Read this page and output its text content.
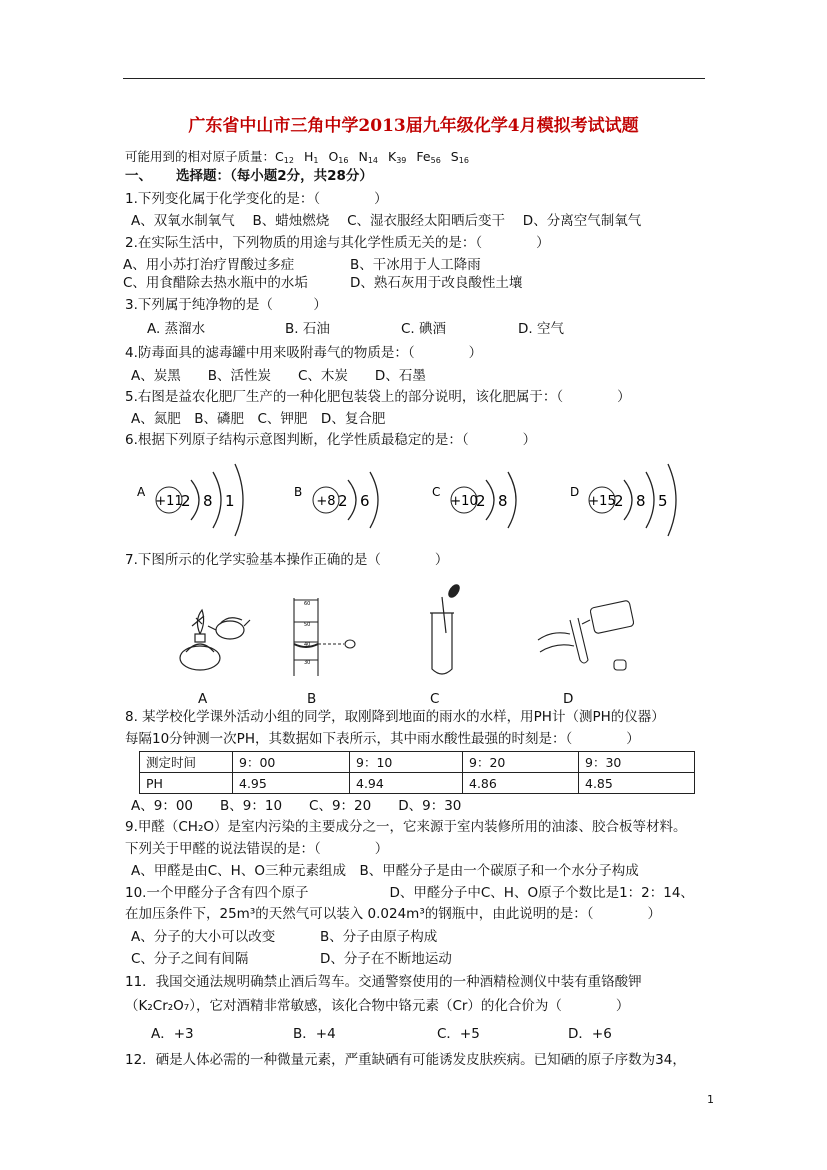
广东省中山市三角中学2013届九年级化学4月模拟考试试题
可能用到的相对原子质量：$C_{12}$ $H_1$ $O_{16}$ $N_{14}$ $K_{39}$ $Fe_{56}$ $S_{16}$
一、 选择题：（每小题2分，共28分）
1.下列变化属于化学变化的是：（　　　　）
A、双氧水制氧气　 B、蜡烛燃烧　 C、湿衣服经太阳晒后变干　 D、分离空气制氧气
2.在实际生活中，下列物质的用途与其化学性质无关的是：（　　　　）
A、用小苏打治疗胃酸过多症	B、干冰用于人工降雨
C、用食醋除去热水瓶中的水垢	D、熟石灰用于改良酸性土壤
3.下列属于纯净物的是（　　　）
A. 蒸溜水	B. 石油	C. 碘酒	D. 空气
4.防毒面具的滤毒罐中用来吸附毒气的物质是：（　　　　）
A、炭黑　　B、活性炭　　C、木炭　　D、石墨
5.右图是益农化肥厂生产的一种化肥包装袋上的部分说明，该化肥属于：（　　　　）
A、氮肥　B、磷肥　C、钾肥　D、复合肥
6.根据下列原子结构示意图判断，化学性质最稳定的是：（　　　　）
A
+11
2 8 1	B
+8 2 6	C
+10
2 8	D
+15
2 8 5
7.下图所示的化学实验基本操作正确的是（　　　　）
60
50
40
30
A	B	C	D
8. 某学校化学课外活动小组的同学，取刚降到地面的雨水的水样，用PH计（测PH的仪器）
每隔10分钟测一次PH，其数据如下表所示，其中雨水酸性最强的时刻是：（　　　　）
测定时间	9：00	9：10	9：20	9：30
PH	4.95	4.94	4.86	4.85
A、9：00　　B、9：10　　C、9：20　　D、9：30
9.甲醛（CH₂O）是室内污染的主要成分之一，它来源于室内装修所用的油漆、胶合板等材料。
下列关于甲醛的说法错误的是：（　　　　）
A、甲醛是由C、H、O三种元素组成　B、甲醛分子是由一个碳原子和一个水分子构成
10.一个甲醛分子含有四个原子　　　　　　D、甲醛分子中C、H、O原子个数比是1：2：14、
在加压条件下，25m³的天然气可以装入 0.024m³的钢瓶中，由此说明的是：（　　　　）
A、分子的大小可以改变	B、分子由原子构成
C、分子之间有间隔	D、分子在不断地运动
11．我国交通法规明确禁止酒后驾车。交通警察使用的一种酒精检测仪中装有重铬酸钾
（K₂Cr₂O₇），它对酒精非常敏感，该化合物中铬元素（Cr）的化合价为（　　　　）
A．+3	B．+4	C．+5	D．+6
12．硒是人体必需的一种微量元素，严重缺硒有可能诱发皮肤疾病。已知硒的原子序数为34，
1
